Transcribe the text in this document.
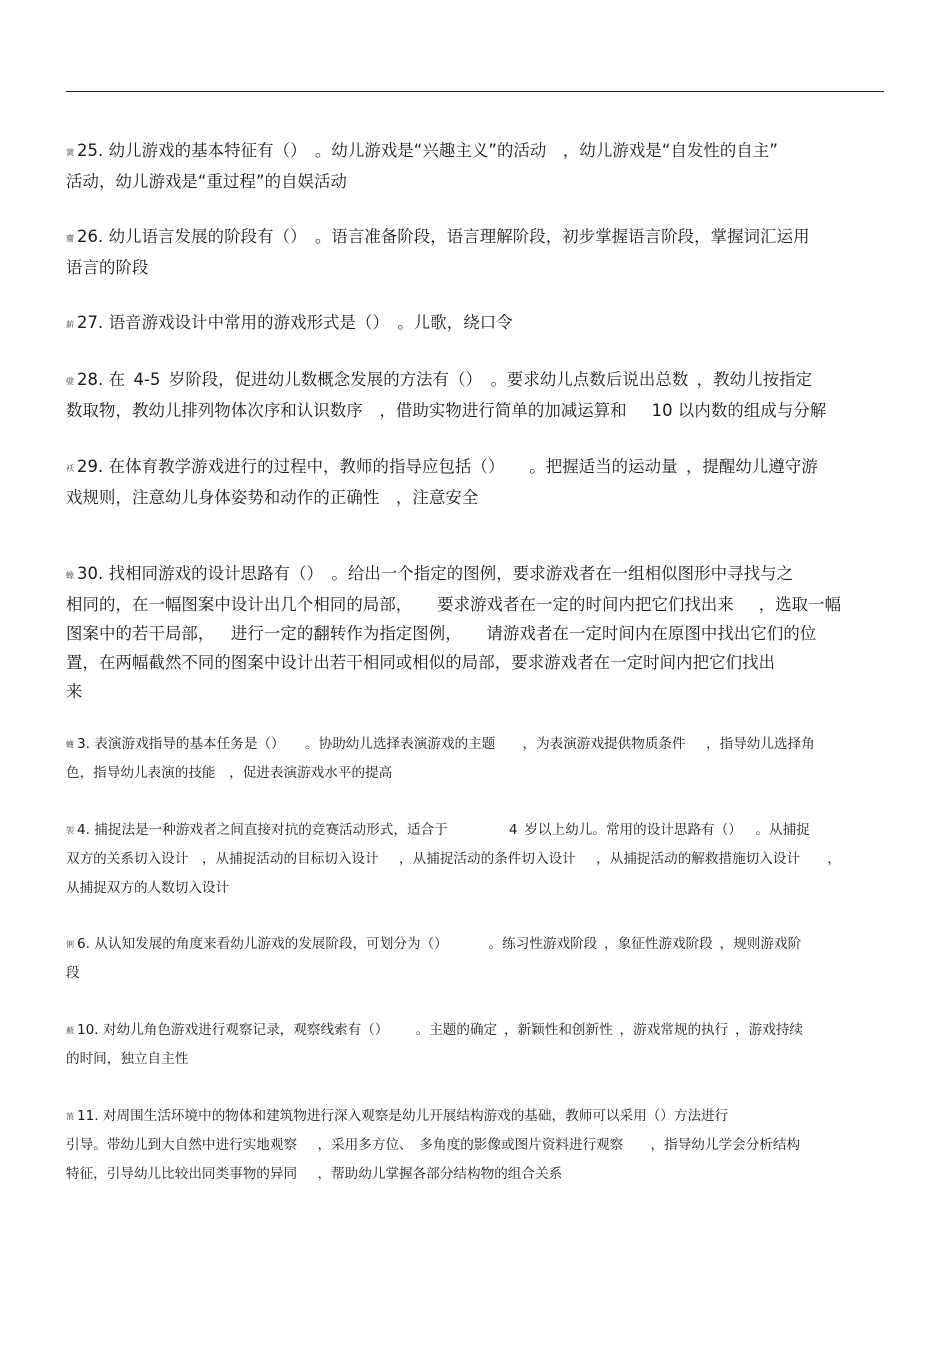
黉 25. 幼儿游戏的基本特征有（）　。幼儿游戏是“兴趣主义”的活动　，幼儿游戏是“自发性的自主”

活动，幼儿游戏是“重过程”的自娱活动

齏 26. 幼儿语言发展的阶段有（）　。语言准备阶段，语言理解阶段，初步掌握语言阶段，掌握词汇运用

语言的阶段

薪 27. 语音游戏设计中常用的游戏形式是（）　。儿歌，绕口令

嬖 28. 在 4-5 岁阶段，促进幼儿数概念发展的方法有（）　。要求幼儿点数后说出总数 ，教幼儿按指定

数取物，教幼儿排列物体次序和认识数序  ，借助实物进行简单的加减运算和  10 以内数的组成与分解

袄 29. 在体育教学游戏进行的过程中，教师的指导应包括（）　　。把握适当的运动量 ，提醒幼儿遵守游

戏规则，注意幼儿身体姿势和动作的正确性  ，注意安全

蟓 30. 找相同游戏的设计思路有（）　。给出一个指定的图例，要求游戏者在一组相似图形中寻找与之

相同的，在一幅图案中设计出几个相同的局部，  要求游戏者在一定的时间内把它们找出来  ，选取一幅

图案中的若干局部， 进行一定的翻转作为指定图例，  请游戏者在一定时间内在原图中找出它们的位

置，在两幅截然不同的图案中设计出若干相同或相似的局部，要求游戏者在一定时间内把它们找出

来

蠖 3. 表演游戏指导的基本任务是（）　　。协助幼儿选择表演游戏的主题　　，为表演游戏提供物质条件　 ，指导幼儿选择角

色，指导幼儿表演的技能  ，促进表演游戏水平的提高

袈 4. 捕捉法是一种游戏者之间直接对抗的竞赛活动形式，适合于　　　　 4 岁以上幼儿。常用的设计思路有（）　 。从捕捉

双方的关系切入设计  ，从捕捉活动的目标切入设计　 ，从捕捉活动的条件切入设计　 ，从捕捉活动的解救措施切入设计　　，

从捕捉双方的人数切入设计

俐 6. 从认知发展的角度来看幼儿游戏的发展阶段，可划分为（）　　　 。练习性游戏阶段 ，象征性游戏阶段 ，规则游戏阶

段

蔽 10. 对幼儿角色游戏进行观察记录，观察线索有（）　　 。主题的确定 ，新颖性和创新性 ，游戏常规的执行 ，游戏持续

的时间，独立自主性

蒗 11. 对周围生活环境中的物体和建筑物进行深入观察是幼儿开展结构游戏的基础，教师可以采用（）方法进行

引导。带幼儿到大自然中进行实地观察　 ，采用多方位、 多角度的影像或图片资料进行观察　　，指导幼儿学会分析结构

特征，引导幼儿比较出同类事物的异同　 ，帮助幼儿掌握各部分结构物的组合关系
